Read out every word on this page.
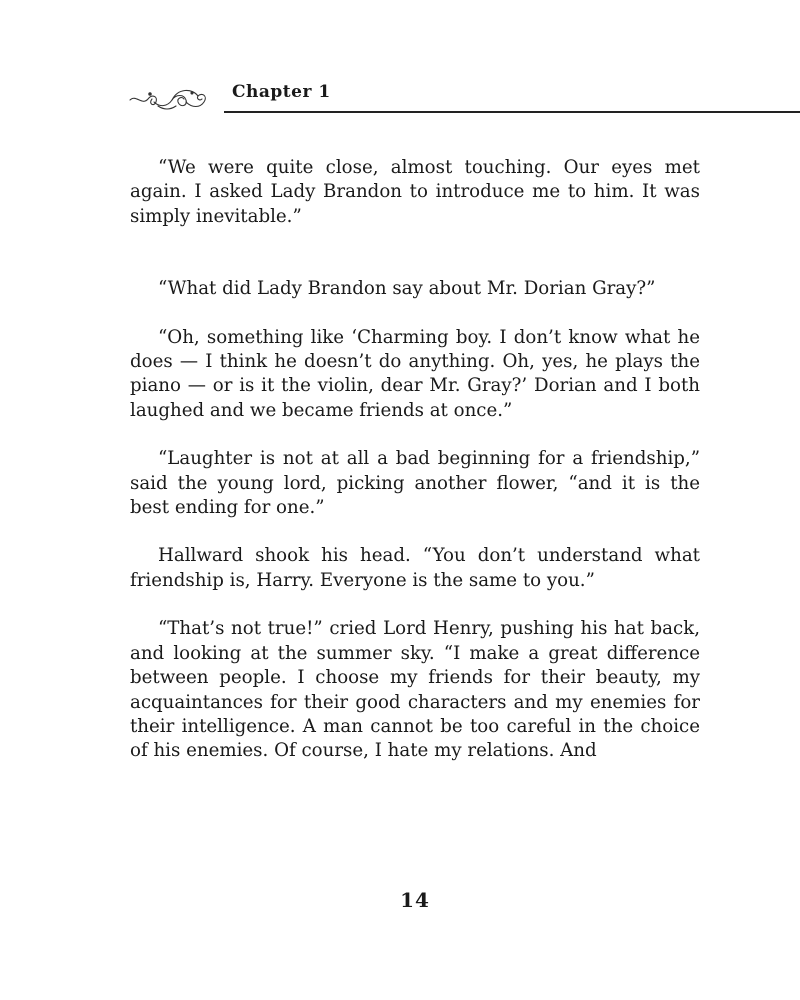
Chapter 1

“We were quite close, almost touching. Our eyes met again. I asked Lady Brandon to introduce me to him. It was simply inevitable.”

“What did Lady Brandon say about Mr. Dorian Gray?”

“Oh, something like ‘Charming boy. I don’t know what he does — I think he doesn’t do anything. Oh, yes, he plays the piano — or is it the violin, dear Mr. Gray?’ Dorian and I both laughed and we became friends at once.”

“Laughter is not at all a bad beginning for a friendship,” said the young lord, picking another flower, “and it is the best ending for one.”

Hallward shook his head. “You don’t understand what friendship is, Harry. Everyone is the same to you.”

“That’s not true!” cried Lord Henry, pushing his hat back, and looking at the summer sky. “I make a great difference between people. I choose my friends for their beauty, my acquaintances for their good characters and my enemies for their intelligence. A man cannot be too careful in the choice of his enemies. Of course, I hate my relations. And

14
